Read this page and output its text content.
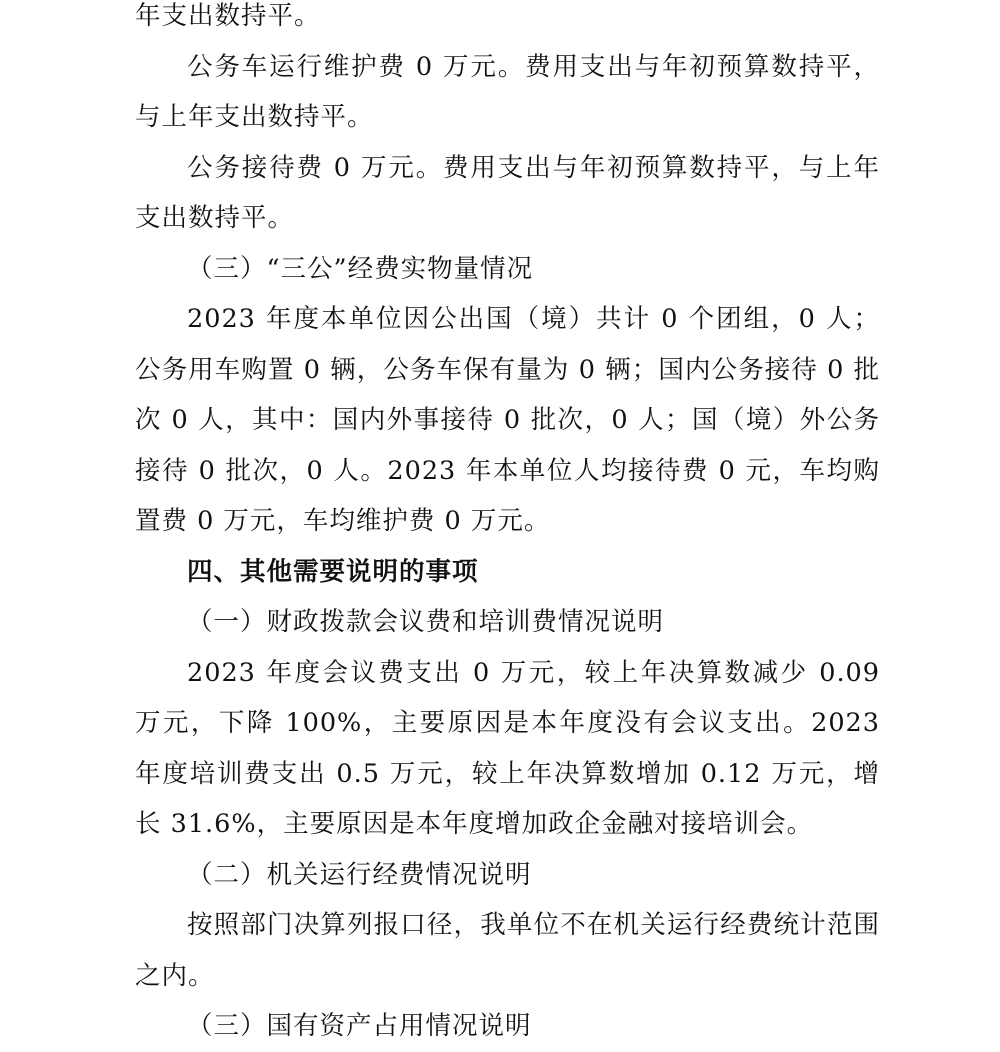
年支出数持平。

公务车运行维护费 0 万元。费用支出与年初预算数持平，与上年支出数持平。

公务接待费 0 万元。费用支出与年初预算数持平，与上年支出数持平。

（三）“三公”经费实物量情况

2023 年度本单位因公出国（境）共计 0 个团组，0 人；公务用车购置 0 辆，公务车保有量为 0 辆；国内公务接待 0 批次 0 人，其中：国内外事接待 0 批次，0 人；国（境）外公务接待 0 批次，0 人。2023 年本单位人均接待费 0 元，车均购置费 0 万元，车均维护费 0 万元。

四、其他需要说明的事项

（一）财政拨款会议费和培训费情况说明

2023 年度会议费支出 0 万元，较上年决算数减少 0.09 万元，下降 100%，主要原因是本年度没有会议支出。2023 年度培训费支出 0.5 万元，较上年决算数增加 0.12 万元，增长 31.6%，主要原因是本年度增加政企金融对接培训会。

（二）机关运行经费情况说明

按照部门决算列报口径，我单位不在机关运行经费统计范围之内。

（三）国有资产占用情况说明
